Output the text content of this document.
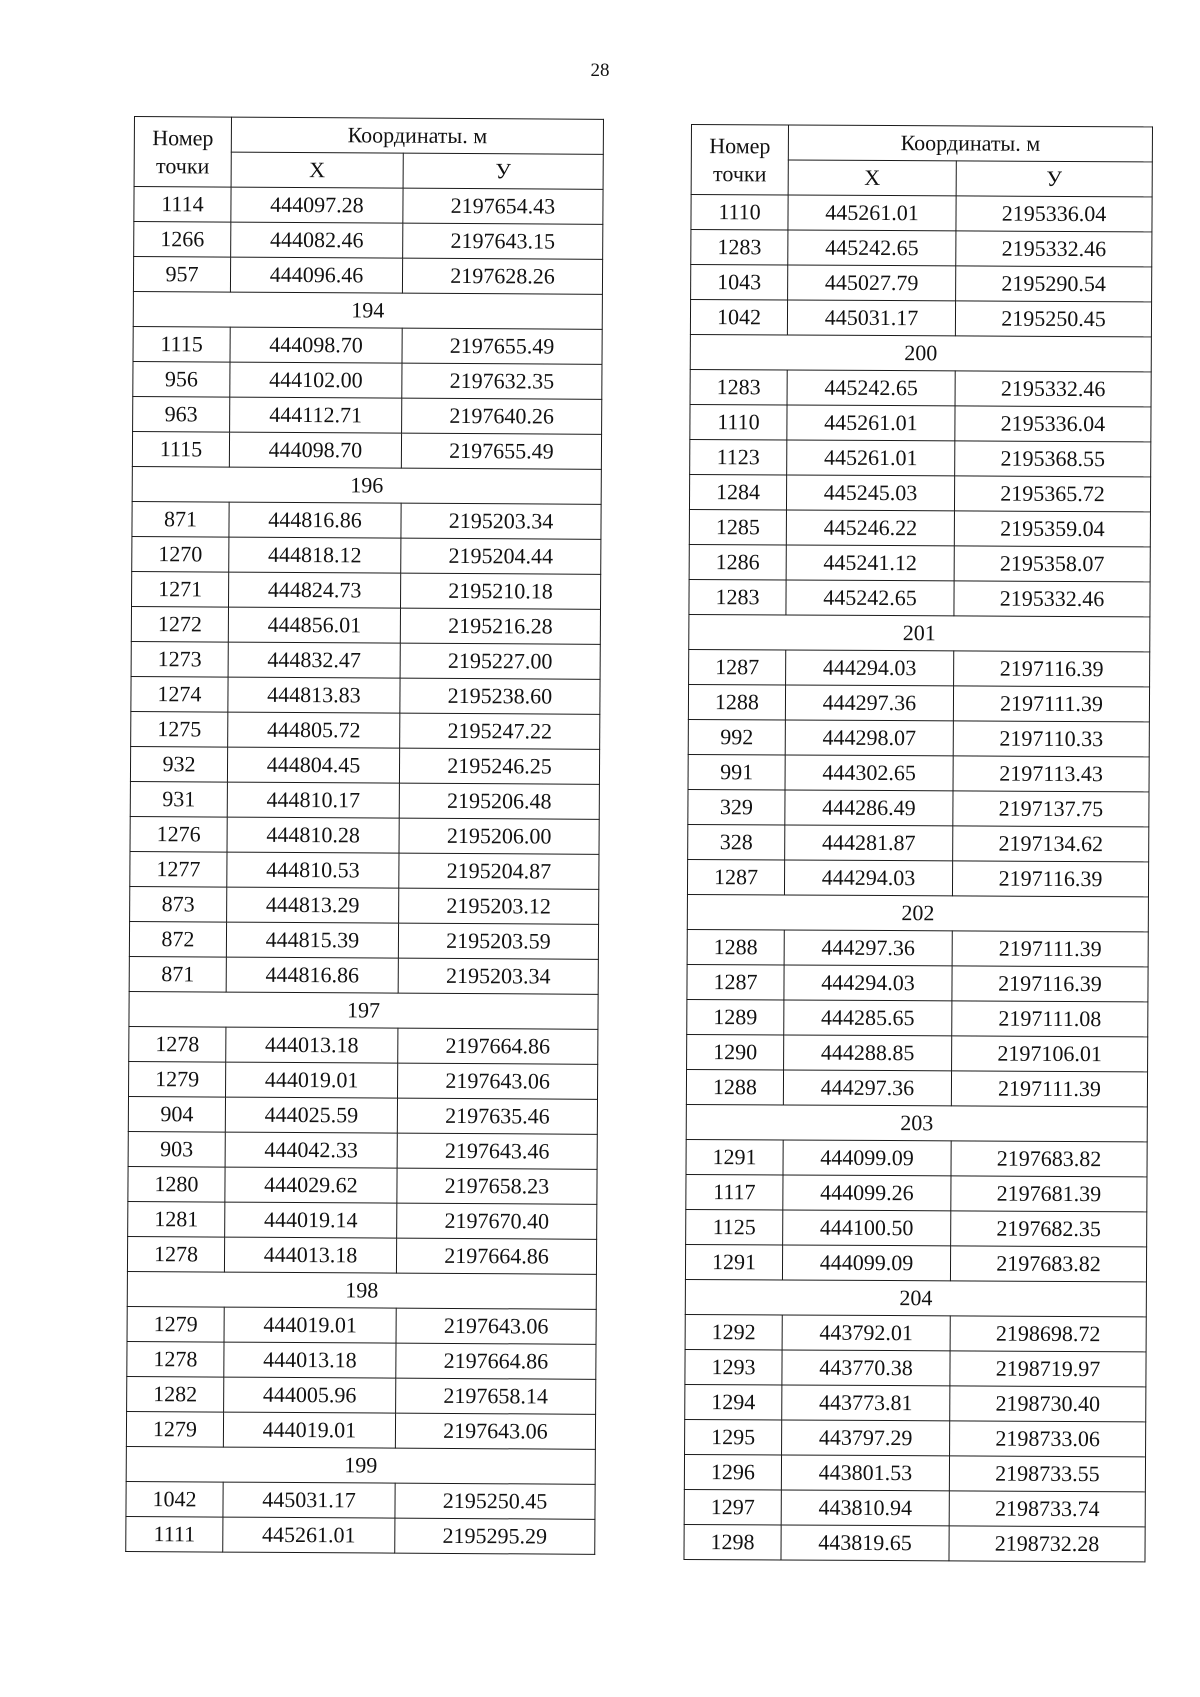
28
Номер точки	Координаты. м	
	Х	У
1114	444097.28	2197654.43
1266	444082.46	2197643.15
957	444096.46	2197628.26
194		
1115	444098.70	2197655.49
956	444102.00	2197632.35
963	444112.71	2197640.26
1115	444098.70	2197655.49
196		
871	444816.86	2195203.34
1270	444818.12	2195204.44
1271	444824.73	2195210.18
1272	444856.01	2195216.28
1273	444832.47	2195227.00
1274	444813.83	2195238.60
1275	444805.72	2195247.22
932	444804.45	2195246.25
931	444810.17	2195206.48
1276	444810.28	2195206.00
1277	444810.53	2195204.87
873	444813.29	2195203.12
872	444815.39	2195203.59
871	444816.86	2195203.34
197		
1278	444013.18	2197664.86
1279	444019.01	2197643.06
904	444025.59	2197635.46
903	444042.33	2197643.46
1280	444029.62	2197658.23
1281	444019.14	2197670.40
1278	444013.18	2197664.86
198		
1279	444019.01	2197643.06
1278	444013.18	2197664.86
1282	444005.96	2197658.14
1279	444019.01	2197643.06
199		
1042	445031.17	2195250.45
1111	445261.01	2195295.29
Номер точки	Координаты. м	
	Х	У
1110	445261.01	2195336.04
1283	445242.65	2195332.46
1043	445027.79	2195290.54
1042	445031.17	2195250.45
200		
1283	445242.65	2195332.46
1110	445261.01	2195336.04
1123	445261.01	2195368.55
1284	445245.03	2195365.72
1285	445246.22	2195359.04
1286	445241.12	2195358.07
1283	445242.65	2195332.46
201		
1287	444294.03	2197116.39
1288	444297.36	2197111.39
992	444298.07	2197110.33
991	444302.65	2197113.43
329	444286.49	2197137.75
328	444281.87	2197134.62
1287	444294.03	2197116.39
202		
1288	444297.36	2197111.39
1287	444294.03	2197116.39
1289	444285.65	2197111.08
1290	444288.85	2197106.01
1288	444297.36	2197111.39
203		
1291	444099.09	2197683.82
1117	444099.26	2197681.39
1125	444100.50	2197682.35
1291	444099.09	2197683.82
204		
1292	443792.01	2198698.72
1293	443770.38	2198719.97
1294	443773.81	2198730.40
1295	443797.29	2198733.06
1296	443801.53	2198733.55
1297	443810.94	2198733.74
1298	443819.65	2198732.28
